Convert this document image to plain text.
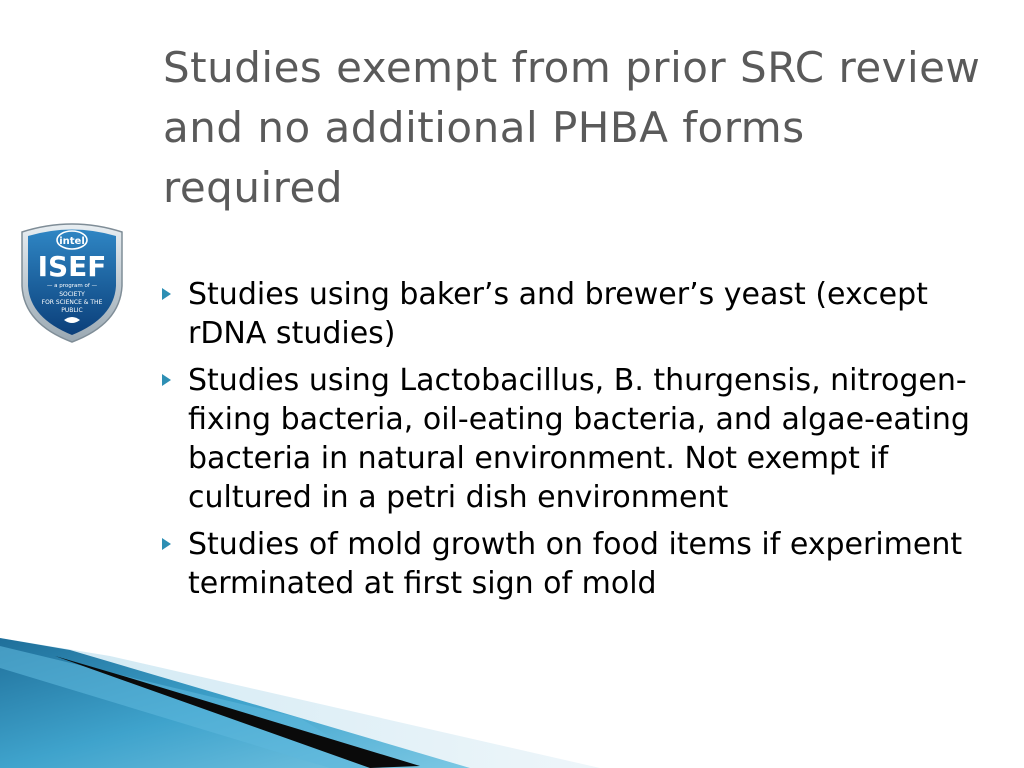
Studies exempt from prior SRC review and no additional PHBA forms required
intel
ISEF
— a program of —
SOCIETY
FOR SCIENCE & THE
PUBLIC	Studies using baker’s and brewer’s yeast (except rDNA studies)
Studies using Lactobacillus, B. thurgensis, nitrogen-fixing bacteria, oil-eating bacteria, and algae-eating bacteria in natural environment. Not exempt if cultured in a petri dish environment
Studies of mold growth on food items if experiment terminated at first sign of mold
